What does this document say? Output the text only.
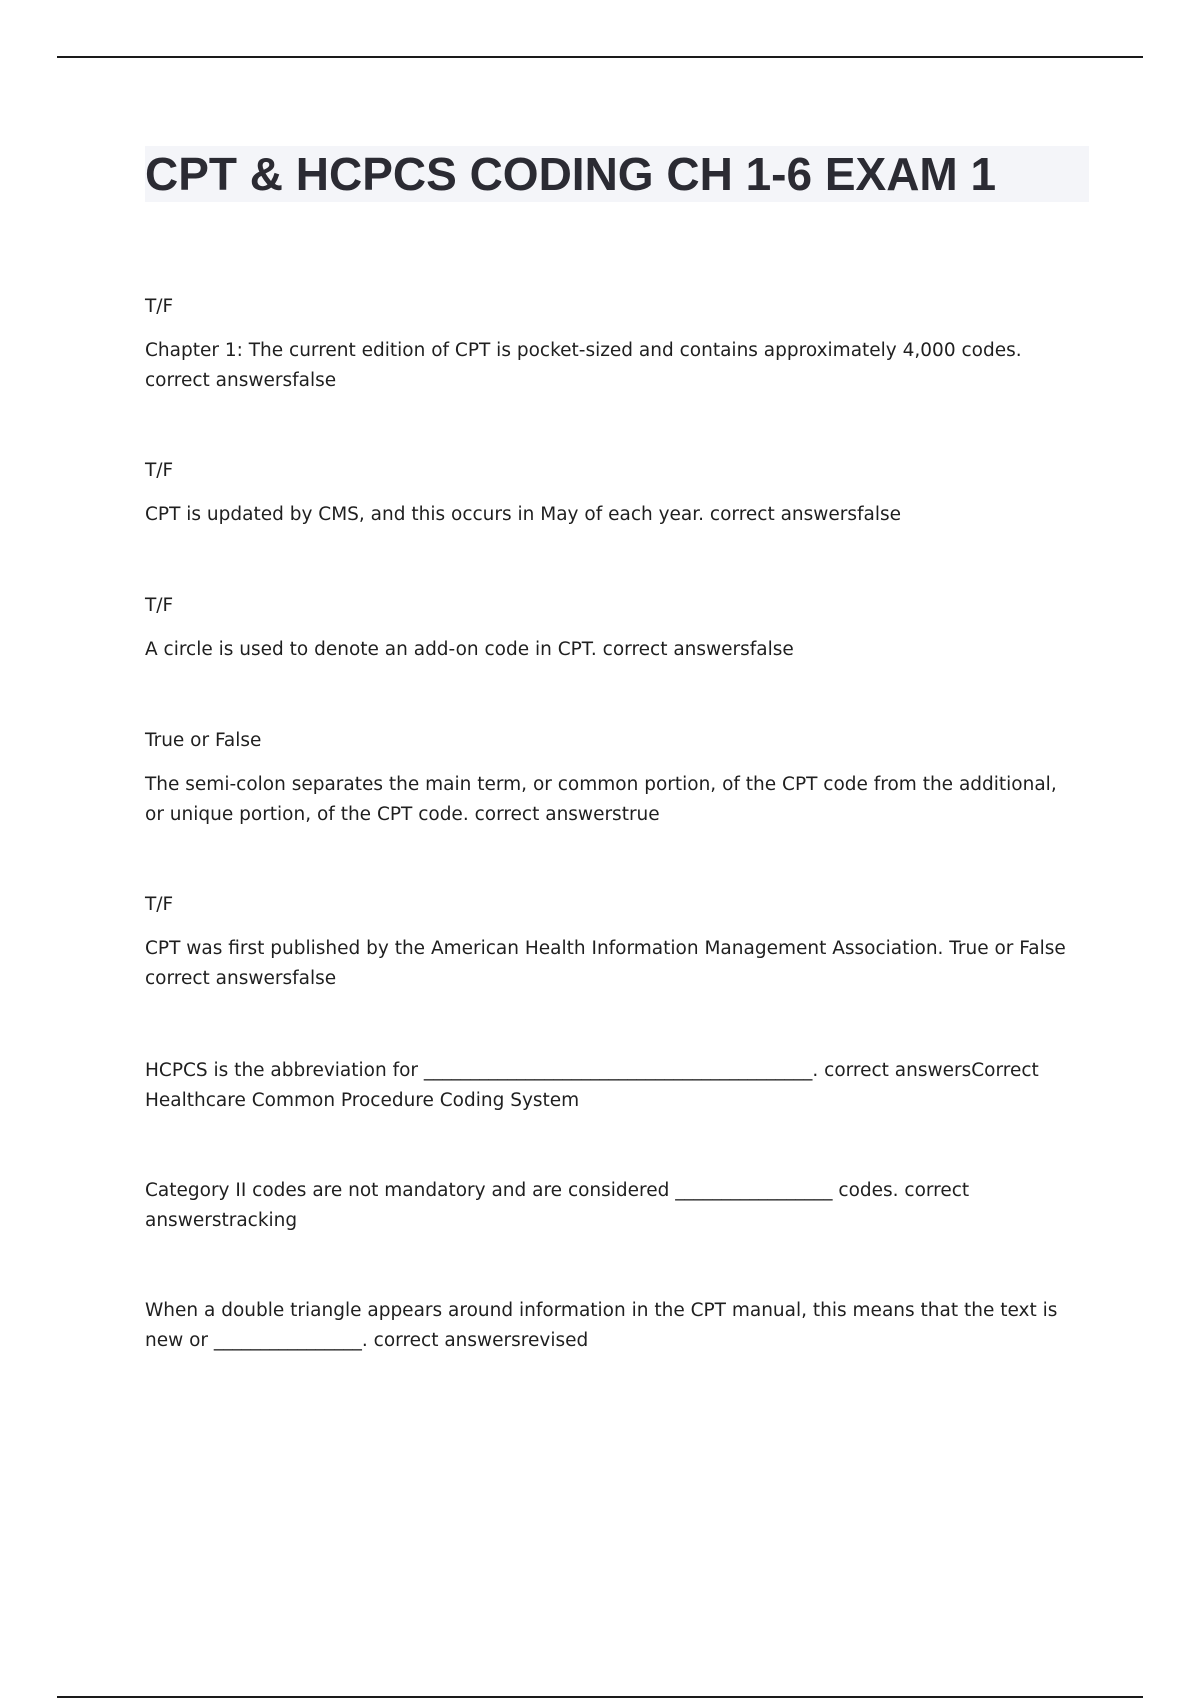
CPT & HCPCS CODING CH 1-6 EXAM 1

T/F

Chapter 1: The current edition of CPT is pocket-sized and contains approximately 4,000 codes. correct answersfalse

T/F

CPT is updated by CMS, and this occurs in May of each year. correct answersfalse

T/F

A circle is used to denote an add-on code in CPT. correct answersfalse

True or False

The semi-colon separates the main term, or common portion, of the CPT code from the additional, or unique portion, of the CPT code. correct answerstrue

T/F

CPT was first published by the American Health Information Management Association. True or False correct answersfalse

HCPCS is the abbreviation for __________________________________________. correct answersCorrect Healthcare Common Procedure Coding System

Category II codes are not mandatory and are considered _________________ codes. correct answerstracking

When a double triangle appears around information in the CPT manual, this means that the text is new or ________________. correct answersrevised
